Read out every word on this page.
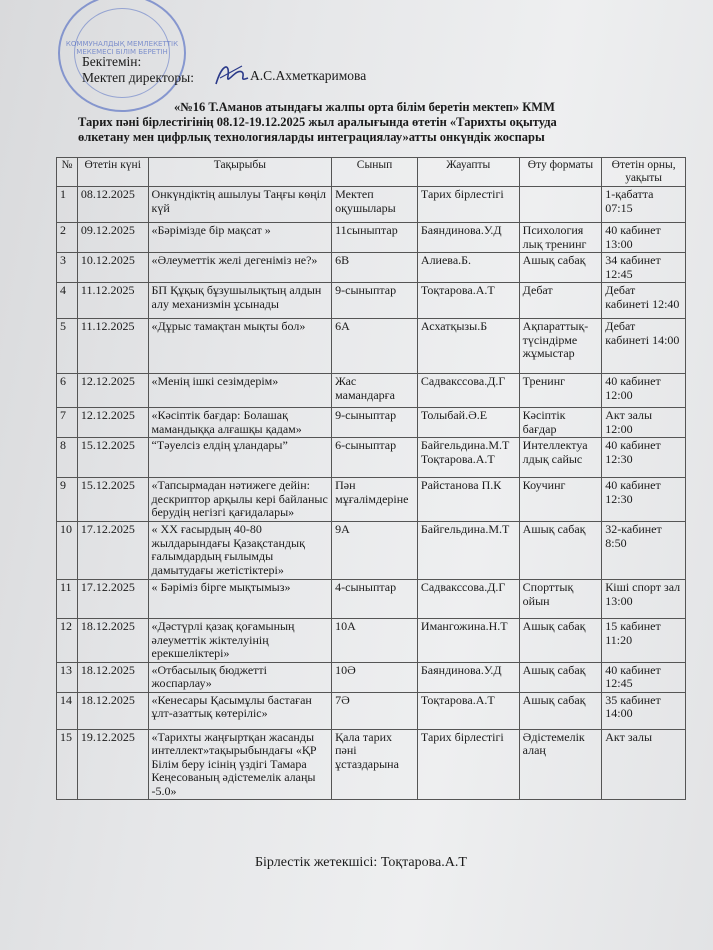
КОММУНАЛДЫҚ МЕМЛЕКЕТТІК МЕКЕМЕСІ БІЛІМ БЕРЕТІН
Бекітемін:
Мектеп директоры:	А.С.Ахметкаримова
«№16 Т.Аманов атындағы жалпы орта білім беретін мектеп» КММ
Тарих пәні бірлестігінің 08.12-19.12.2025 жыл аралығында өтетін «Тарихты оқытуда
өлкетану мен цифрлық технологияларды интеграциялау»атты онкүндік жоспары
№	Өтетін күні	Тақырыбы	Сынып	Жауапты	Өту форматы	Өтетін орны, уақыты
1	08.12.2025	Онкүндіктің ашылуы Таңғы көңіл күй	Мектеп оқушылары	Тарих бірлестігі		1-қабатта 07:15
2	09.12.2025	«Бәрімізде бір мақсат »	11сыныптар	Баяндинова.У.Д	Психология лық тренинг	40 кабинет 13:00
3	10.12.2025	«Әлеуметтік желі дегеніміз не?»	6В	Алиева.Б.	Ашық сабақ	34 кабинет 12:45
4	11.12.2025	БП Құқық бұзушылықтың алдын алу механизмін ұсынады	9-сыныптар	Тоқтарова.А.Т	Дебат	Дебат кабинеті 12:40
5	11.12.2025	«Дұрыс тамақтан мықты бол»	6А	Асхатқызы.Б	Ақпараттық-түсіндірме жұмыстар	Дебат кабинеті 14:00
6	12.12.2025	«Менің ішкі сезімдерім»	Жас мамандарға	Садвакссова.Д.Г	Тренинг	40 кабинет 12:00
7	12.12.2025	«Кәсіптік бағдар: Болашақ мамандыққа алғашқы қадам»	9-сыныптар	Толыбай.Ә.Е	Кәсіптік бағдар	Акт залы 12:00
8	15.12.2025	“Тәуелсіз елдің ұландары”	6-сыныптар	Байгельдина.М.Т Тоқтарова.А.Т	Интеллектуа лдық сайыс	40 кабинет 12:30
9	15.12.2025	«Тапсырмадан нәтижеге дейін: дескриптор арқылы кері байланыс берудің негізгі қағидалары»	Пән мұғалімдеріне	Райстанова П.К	Коучинг	40 кабинет 12:30
10	17.12.2025	« ХХ ғасырдың 40-80 жылдарындағы Қазақстандық ғалымдардың ғылымды дамытудағы жетістіктері»	9А	Байгельдина.М.Т	Ашық сабақ	32-кабинет 8:50
11	17.12.2025	« Бәріміз бірге мықтымыз»	4-сыныптар	Садвакссова.Д.Г	Спорттық ойын	Кіші спорт зал 13:00
12	18.12.2025	«Дәстүрлі қазақ қоғамының әлеуметтік жіктелуінің ерекшеліктері»	10А	Имангожина.Н.Т	Ашық сабақ	15 кабинет 11:20
13	18.12.2025	«Отбасылық бюджетті жоспарлау»	10Ә	Баяндинова.У.Д	Ашық сабақ	40 кабинет 12:45
14	18.12.2025	«Кенесары Қасымұлы бастаған ұлт-азаттық көтеріліс»	7Ә	Тоқтарова.А.Т	Ашық сабақ	35 кабинет 14:00
15	19.12.2025	«Тарихты жаңғыртқан жасанды интеллект»тақырыбындағы «ҚР Білім беру ісінің үздігі Тамара Кеңесованың әдістемелік алаңы -5.0»	Қала тарих пәні ұстаздарына	Тарих бірлестігі	Әдістемелік алаң	Акт залы
Бірлестік жетекшісі: Тоқтарова.А.Т
